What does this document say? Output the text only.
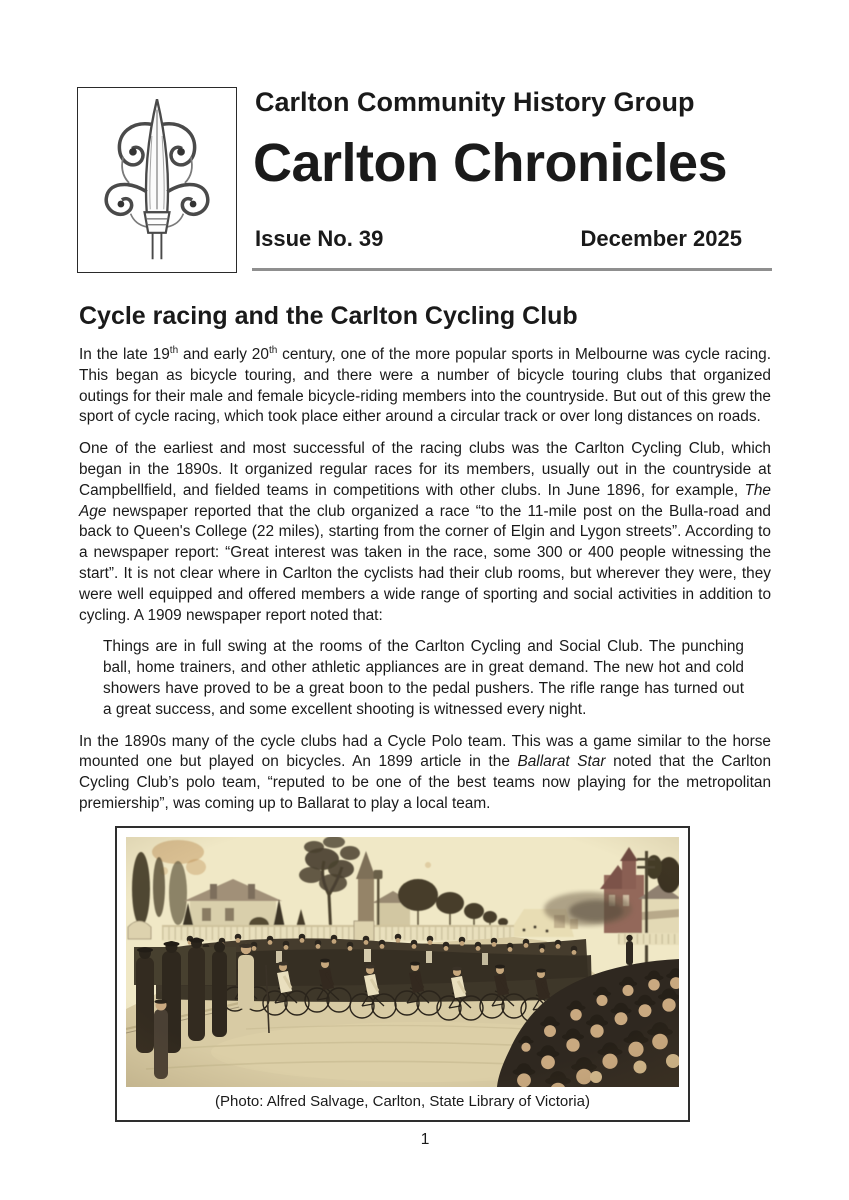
Carlton Community History Group
Carlton Chronicles
Issue No. 39	December 2025
Cycle racing and the Carlton Cycling Club

In the late 19th and early 20th century, one of the more popular sports in Melbourne was cycle racing. This began as bicycle touring, and there were a number of bicycle touring clubs that organized outings for their male and female bicycle-riding members into the countryside. But out of this grew the sport of cycle racing, which took place either around a circular track or over long distances on roads.

One of the earliest and most successful of the racing clubs was the Carlton Cycling Club, which began in the 1890s. It organized regular races for its members, usually out in the countryside at Campbellfield, and fielded teams in competitions with other clubs. In June 1896, for example, The Age newspaper reported that the club organized a race “to the 11-mile post on the Bulla-road and back to Queen's College (22 miles), starting from the corner of Elgin and Lygon streets”. According to a newspaper report: “Great interest was taken in the race, some 300 or 400 people witnessing the start”. It is not clear where in Carlton the cyclists had their club rooms, but wherever they were, they were well equipped and offered members a wide range of sporting and social activities in addition to cycling. A 1909 newspaper report noted that:

Things are in full swing at the rooms of the Carlton Cycling and Social Club. The punching ball, home trainers, and other athletic appliances are in great demand. The new hot and cold showers have proved to be a great boon to the pedal pushers. The rifle range has turned out a great success, and some excellent shooting is witnessed every night.

In the 1890s many of the cycle clubs had a Cycle Polo team. This was a game similar to the horse mounted one but played on bicycles. An 1899 article in the Ballarat Star noted that the Carlton Cycling Club’s polo team, “reputed to be one of the best teams now playing for the metropolitan premiership”, was coming up to Ballarat to play a local team.

(Photo: Alfred Salvage, Carlton, State Library of Victoria)

1
